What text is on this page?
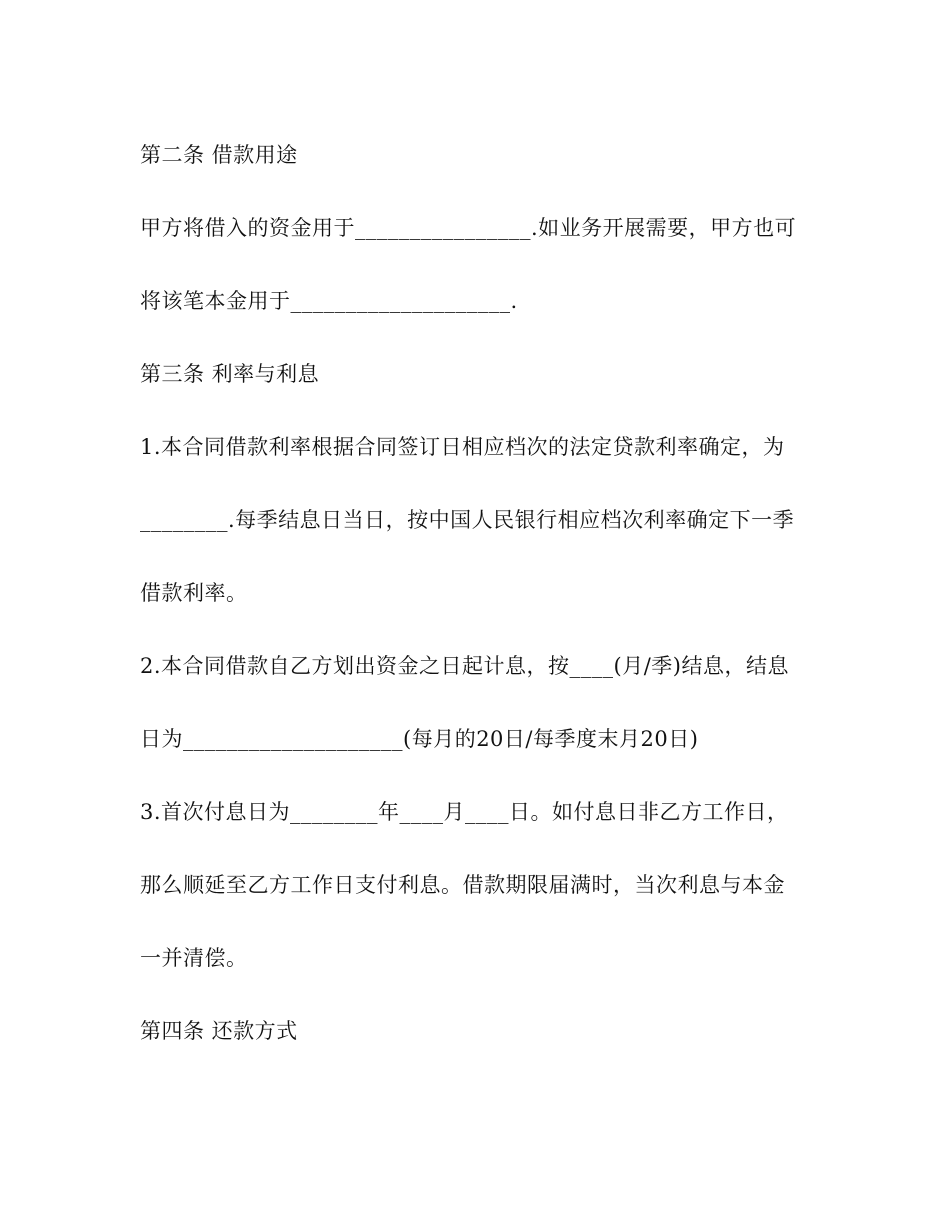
第二条 借款用途
甲方将借入的资金用于________________.如业务开展需要，甲方也可
将该笔本金用于____________________.
第三条 利率与利息
1.本合同借款利率根据合同签订日相应档次的法定贷款利率确定，为
________.每季结息日当日，按中国人民银行相应档次利率确定下一季
借款利率。
2.本合同借款自乙方划出资金之日起计息，按____(月/季)结息，结息
日为____________________(每月的20日/每季度末月20日)
3.首次付息日为________年____月____日。如付息日非乙方工作日，
那么顺延至乙方工作日支付利息。借款期限届满时，当次利息与本金
一并清偿。
第四条 还款方式
